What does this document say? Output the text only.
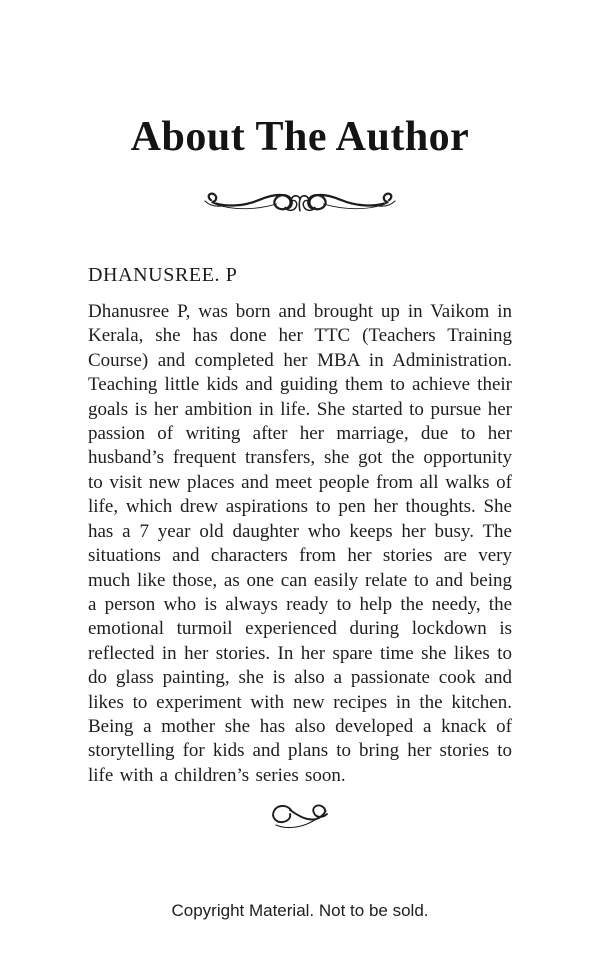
About The Author
DHANUSREE. P

Dhanusree P, was born and brought up in Vaikom in Kerala, she has done her TTC (Teachers Training Course) and completed her MBA in Administration. Teaching little kids and guiding them to achieve their goals is her ambition in life. She started to pursue her passion of writing after her marriage, due to her husband’s frequent transfers, she got the opportunity to visit new places and meet people from all walks of life, which drew aspirations to pen her thoughts. She has a 7 year old daughter who keeps her busy. The situations and characters from her stories are very much like those, as one can easily relate to and being a person who is always ready to help the needy, the emotional turmoil experienced during lockdown is reflected in her stories. In her spare time she likes to do glass painting, she is also a passionate cook and likes to experiment with new recipes in the kitchen. Being a mother she has also developed a knack of storytelling for kids and plans to bring her stories to life with a children’s series soon.

Copyright Material. Not to be sold.
